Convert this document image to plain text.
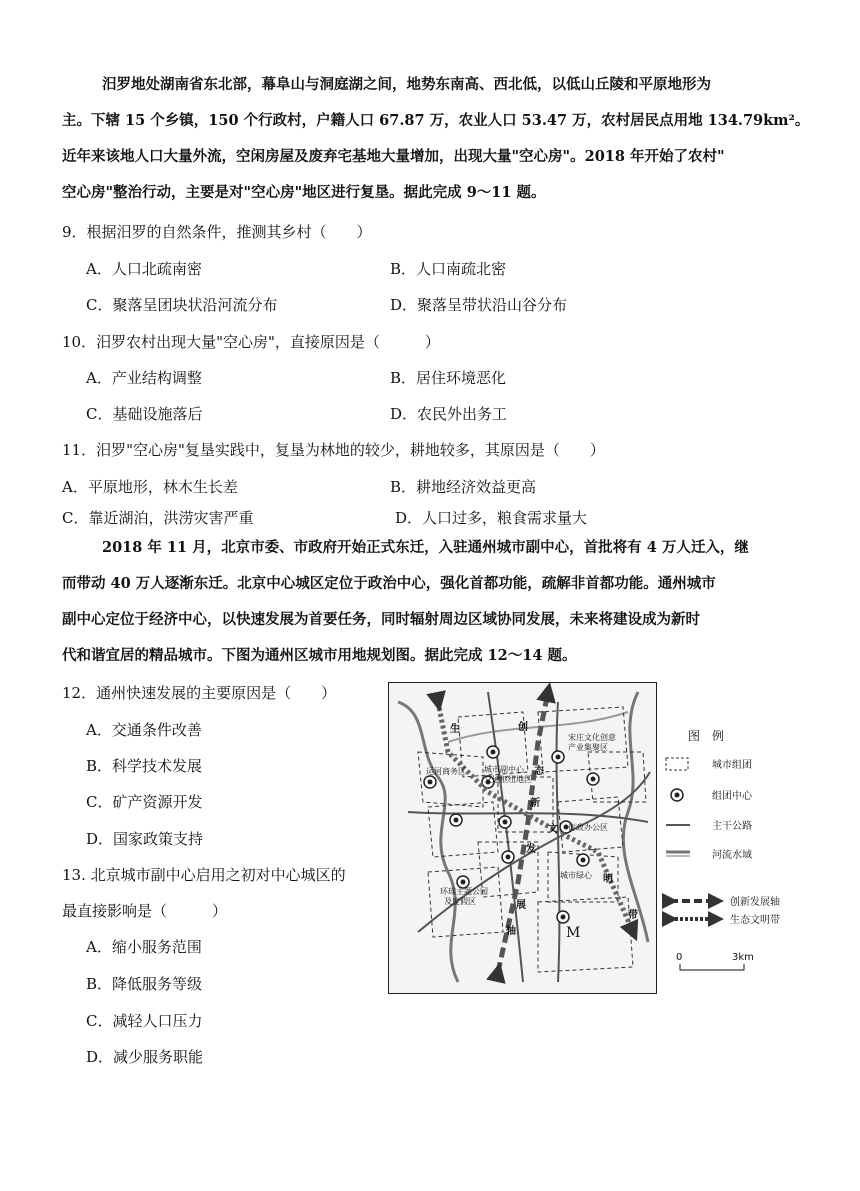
汨罗地处湖南省东北部，幕阜山与洞庭湖之间，地势东南高、西北低，以低山丘陵和平原地形为
主。下辖 15 个乡镇，150 个行政村，户籍人口 67.87 万，农业人口 53.47 万，农村居民点用地 134.79km²。
近年来该地人口大量外流，空闲房屋及废弃宅基地大量增加，出现大量"空心房"。2018 年开始了农村"
空心房"整治行动，主要是对"空心房"地区进行复垦。据此完成 9～11 题。
9．根据汨罗的自然条件，推测其乡村（　　）
A．人口北疏南密	B．人口南疏北密
C．聚落呈团块状沿河流分布	D．聚落呈带状沿山谷分布
10．汨罗农村出现大量"空心房"，直接原因是（　　　）
A．产业结构调整	B．居住环境恶化
C．基础设施落后	D．农民外出务工
11．汨罗"空心房"复垦实践中，复垦为林地的较少，耕地较多，其原因是（　　）
A．平原地形，林木生长差	B．耕地经济效益更高
C．靠近湖泊，洪涝灾害严重	D．人口过多，粮食需求量大
2018 年 11 月，北京市委、市政府开始正式东迁，入驻通州城市副中心，首批将有 4 万人迁入，继
而带动 40 万人逐渐东迁。北京中心城区定位于政治中心，强化首都功能，疏解非首都功能。通州城市
副中心定位于经济中心，以快速发展为首要任务，同时辐射周边区域协同发展，未来将建设成为新时
代和谐宜居的精品城市。下图为通州区城市用地规划图。据此完成 12～14 题。
12．通州快速发展的主要原因是（　　）
A．交通条件改善
B．科学技术发展
C．矿产资源开发
D．国家政策支持
13. 北京城市副中心启用之初对中心城区的
最直接影响是（　　　）
A．缩小服务范围
B．降低服务等级
C．减轻人口压力
D．减少服务职能
宋庄文化创意
产业集聚区
运河商务区 城市副中心
交通枢纽地区
行政办公区
城市绿心
环球主题公园
及度假区
M
创
态
新
文
发
展
明
轴
带
生	图　例
城市组团
组团中心
主干公路
河流水域
创新发展轴
生态文明带
0	3km
